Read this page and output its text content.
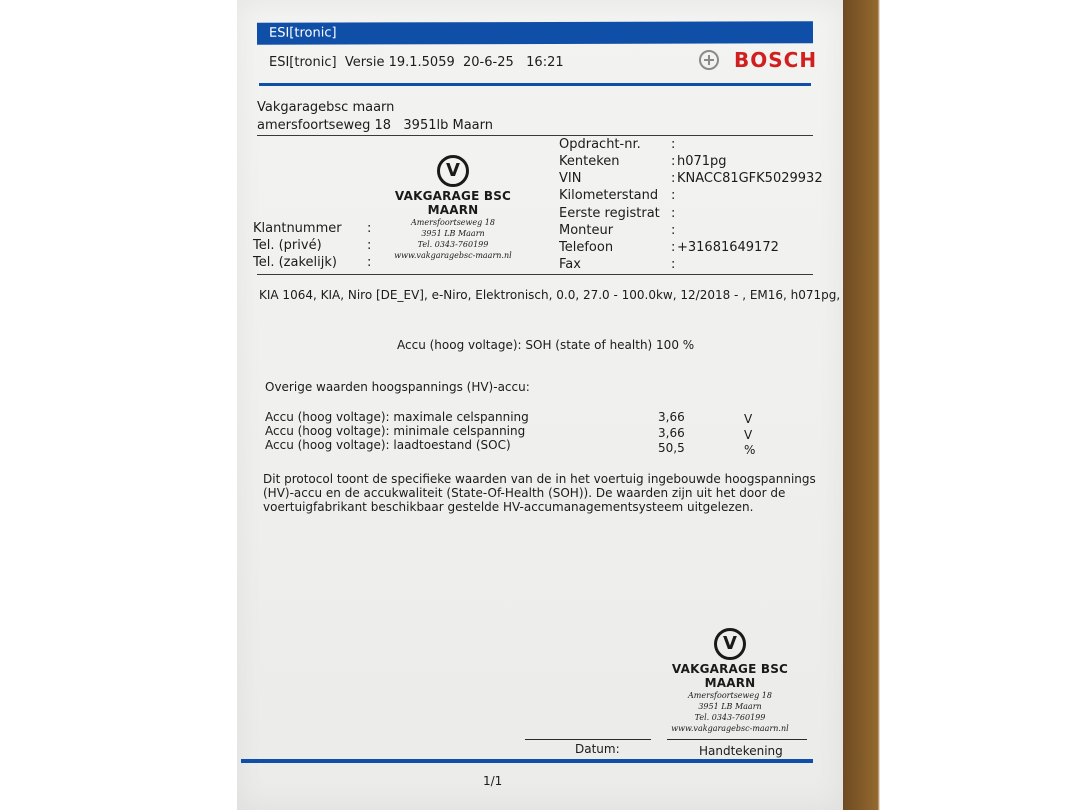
ESI[tronic]
ESI[tronic] Versie 19.1.5059 20-6-25 16:21	BOSCH
Vakgaragebsc maarn
amersfoortseweg 18 3951lb Maarn
Opdracht-nr. :
Kenteken	: h071pg
VIN	: KNACC81GFK5029932
Kilometerstand :
Eerste registrat :
Monteur	:
Telefoon	: +31681649172
Fax	:
Klantnummer :
Tel. (privé)	:
Tel. (zakelijk) :
V
VAKGARAGE BSC MAARN
Amersfoortseweg 18
3951 LB Maarn
Tel. 0343-760199
www.vakgaragebsc-maarn.nl
KIA 1064, KIA, Niro [DE_EV], e-Niro, Elektronisch, 0.0, 27.0 - 100.0kw, 12/2018 - , EM16, h071pg,
Accu (hoog voltage): SOH (state of health) 100 %
Overige waarden hoogspannings (HV)-accu:
Accu (hoog voltage): maximale celspanning	3,66	V
Accu (hoog voltage): minimale celspanning	3,66	V
Accu (hoog voltage): laadtoestand (SOC)	50,5	%
Dit protocol toont de specifieke waarden van de in het voertuig ingebouwde hoogspannings
(HV)-accu en de accukwaliteit (State-Of-Health (SOH)). De waarden zijn uit het door de
voertuigfabrikant beschikbaar gestelde HV-accumanagementsysteem uitgelezen.
V
VAKGARAGE BSC MAARN
Amersfoortseweg 18
3951 LB Maarn
Tel. 0343-760199
www.vakgaragebsc-maarn.nl
Datum:	Handtekening
1/1
